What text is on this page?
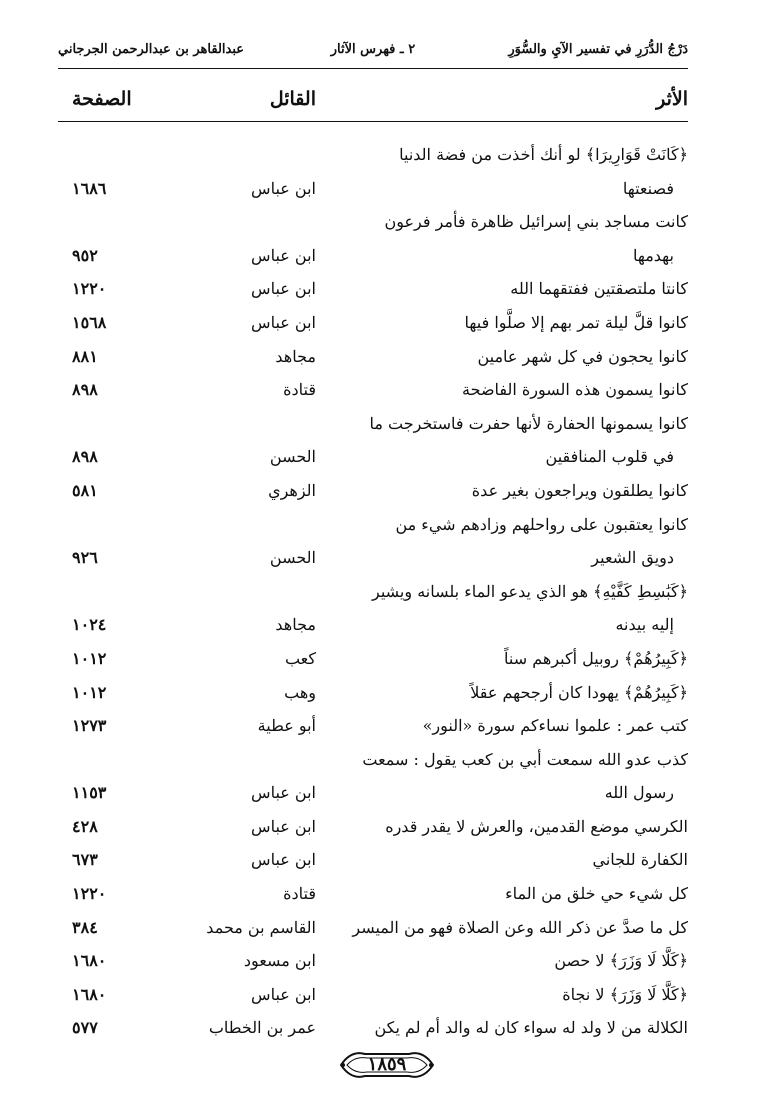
دَرْجُ الدُّرَرِ في تفسير الآيِ والسُّوَرِ
٢ ـ فهرس الآثار
عبدالقاهر بن عبدالرحمن الجرجاني
الأثر
القائل
الصفحة
﴿كَانَتْ قَوَارِيرَا﴾ لو أنك أخذت من فضة الدنيا
فصنعتها
ابن عباس
١٦٨٦
كانت مساجد بني إسرائيل ظاهرة فأمر فرعون
بهدمها
ابن عباس
٩٥٢
كانتا ملتصقتين ففتقهما الله
ابن عباس
١٢٢٠
كانوا قلَّ ليلة تمر بهم إلا صلَّوا فيها
ابن عباس
١٥٦٨
كانوا يحجون في كل شهر عامين
مجاهد
٨٨١
كانوا يسمون هذه السورة الفاضحة
قتادة
٨٩٨
كانوا يسمونها الحفارة لأنها حفرت فاستخرجت ما
في قلوب المنافقين
الحسن
٨٩٨
كانوا يطلقون ويراجعون بغير عدة
الزهري
٥٨١
كانوا يعتقبون على رواحلهم وزادهم شيء من
دويق الشعير
الحسن
٩٢٦
﴿كَبَٰسِطِ كَفَّيْهِ﴾ هو الذي يدعو الماء بلسانه ويشير
إليه بيدنه
مجاهد
١٠٢٤
﴿كَبِيرُهُمْ﴾ روبيل أكبرهم سناً
كعب
١٠١٢
﴿كَبِيرُهُمْ﴾ يهودا كان أرجحهم عقلاً
وهب
١٠١٢
كتب عمر : علموا نساءكم سورة «النور»
أبو عطية
١٢٧٣
كذب عدو الله سمعت أبي بن كعب يقول : سمعت
رسول الله
ابن عباس
١١٥٣
الكرسي موضع القدمين، والعرش لا يقدر قدره
ابن عباس
٤٢٨
الكفارة للجاني
ابن عباس
٦٧٣
كل شيء حي خلق من الماء
قتادة
١٢٢٠
كل ما صدَّ عن ذكر الله وعن الصلاة فهو من الميسر
القاسم بن محمد
٣٨٤
﴿كَلَّا لَا وَزَرَ﴾ لا حصن
ابن مسعود
١٦٨٠
﴿كَلَّا لَا وَزَرَ﴾ لا نجاة
ابن عباس
١٦٨٠
الكلالة من لا ولد له سواء كان له والد أم لم يكن
عمر بن الخطاب
٥٧٧
١٨٥٩
